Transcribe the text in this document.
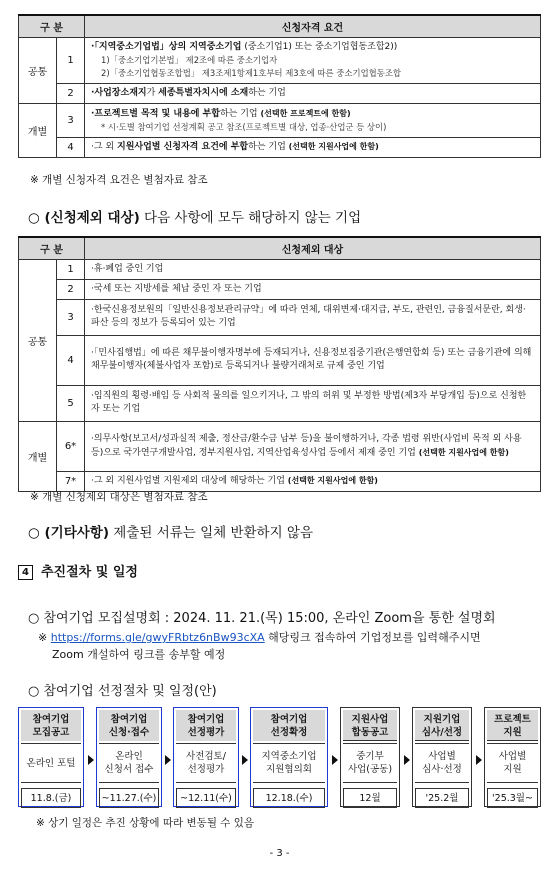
구 분		신청자격 요건
공통	1	·「지역중소기업법」상의 지역중소기업 (중소기업1) 또는 중소기업협동조합2))
1)「중소기업기본법」 제2조에 따른 중소기업자
2)「중소기업협동조합법」 제3조제1항제1호부터 제3호에 따른 중소기업협동조합

	2	·사업장소재지가 세종특별자치시에 소재하는 기업
개별	3	·프로젝트별 목적 및 내용에 부합하는 기업 (선택한 프로젝트에 한함)
* 시·도별 참여기업 선정계획 공고 참조(프로젝트별 대상, 업종·산업군 등 상이)

	4	·그 외 지원사업별 신청자격 요건에 부합하는 기업 (선택한 지원사업에 한함)
※ 개별 신청자격 요건은 별첨자료 참조
○ (신청제외 대상) 다음 사항에 모두 해당하지 않는 기업
구 분		신청제외 대상
공통	1	·휴·폐업 중인 기업
	2	·국세 또는 지방세를 체납 중인 자 또는 기업
	3	·한국신용정보원의「일반신용정보관리규약」에 따라 연체, 대위변제·대지급, 부도, 관련인, 금융질서문란, 회생·파산 등의 정보가 등록되어 있는 기업
	4	·「민사집행법」에 따른 채무불이행자명부에 등재되거나, 신용정보집중기관(은행연합회 등) 또는 금융기관에 의해 채무불이행자(체불사업자 포함)로 등록되거나 불량거래처로 규제 중인 기업
	5	·임직원의 횡령·배임 등 사회적 물의를 일으키거나, 그 밖의 허위 및 부정한 방법(제3자 부당개입 등)으로 신청한 자 또는 기업
개별	6*	·의무사항(보고서/성과실적 제출, 정산금/환수금 납부 등)을 불이행하거나, 각종 법령 위반(사업비 목적 외 사용 등)으로 국가연구개발사업, 정부지원사업, 지역산업육성사업 등에서 제재 중인 기업 (선택한 지원사업에 한함)
	7*	·그 외 지원사업별 지원제외 대상에 해당하는 기업 (선택한 지원사업에 한함)
※ 개별 신청제외 대상은 별첨자료 참조
○ (기타사항) 제출된 서류는 일체 반환하지 않음
4 추진절차 및 일정
○ 참여기업 모집설명회 : 2024. 11. 21.(목) 15:00, 온라인 Zoom을 통한 설명회
※ https://forms.gle/gwyFRbtz6nBw93cXA 해당링크 접속하여 기업정보를 입력해주시면
Zoom 개설하여 링크를 송부할 예정
○ 참여기업 선정절차 및 일정(안)
참여기업
모집공고
온라인 포털
11.8.(금)
참여기업
신청·접수
온라인
신청서 접수
~11.27.(수)
참여기업
선정평가
사전검토/
선정평가
~12.11(수)
참여기업
선정확정
지역중소기업
지원협의회
12.18.(수)
지원사업
합동공고
중기부
사업(공동)
12월
지원기업
심사/선정
사업별
심사·선정
'25.2월
프로젝트
지원
사업별
지원
'25.3월~
※ 상기 일정은 추진 상황에 따라 변동될 수 있음
- 3 -
